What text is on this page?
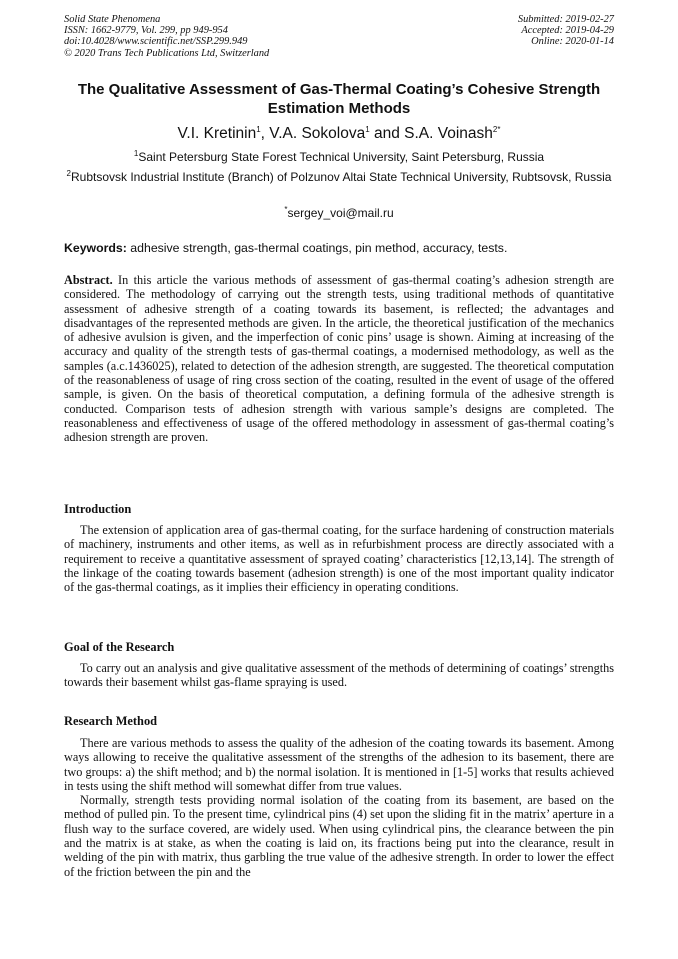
Solid State Phenomena
ISSN: 1662-9779, Vol. 299, pp 949-954
doi:10.4028/www.scientific.net/SSP.299.949
© 2020 Trans Tech Publications Ltd, Switzerland
Submitted: 2019-02-27
Accepted: 2019-04-29
Online: 2020-01-14
The Qualitative Assessment of Gas-Thermal Coating’s Cohesive Strength Estimation Methods
V.I. Kretinin$^1$, V.A. Sokolova$^1$ and S.A. Voinash$^{2*}$
$^1$Saint Petersburg State Forest Technical University, Saint Petersburg, Russia
$^2$Rubtsovsk Industrial Institute (Branch) of Polzunov Altai State Technical University, Rubtsovsk, Russia
*sergey_voi@mail.ru
Keywords: adhesive strength, gas-thermal coatings, pin method, accuracy, tests.
Abstract. In this article the various methods of assessment of gas-thermal coating’s adhesion strength are considered. The methodology of carrying out the strength tests, using traditional methods of quantitative assessment of adhesive strength of a coating towards its basement, is reflected; the advantages and disadvantages of the represented methods are given. In the article, the theoretical justification of the mechanics of adhesive avulsion is given, and the imperfection of conic pins’ usage is shown. Aiming at increasing of the accuracy and quality of the strength tests of gas-thermal coatings, a modernised methodology, as well as the samples (a.c.1436025), related to detection of the adhesion strength, are suggested. The theoretical computation of the reasonableness of usage of ring cross section of the coating, resulted in the event of usage of the offered sample, is given. On the basis of theoretical computation, a defining formula of the adhesive strength is conducted. Comparison tests of adhesion strength with various sample’s designs are completed. The reasonableness and effectiveness of usage of the offered methodology in assessment of gas-thermal coating’s adhesion strength are proven.
Introduction

The extension of application area of gas-thermal coating, for the surface hardening of construction materials of machinery, instruments and other items, as well as in refurbishment process are directly associated with a requirement to receive a quantitative assessment of sprayed coating’ characteristics [12,13,14]. The strength of the linkage of the coating towards basement (adhesion strength) is one of the most important quality indicator of the gas-thermal coatings, as it implies their efficiency in operating conditions.

Goal of the Research

To carry out an analysis and give qualitative assessment of the methods of determining of coatings’ strengths towards their basement whilst gas-flame spraying is used.

Research Method

There are various methods to assess the quality of the adhesion of the coating towards its basement. Among ways allowing to receive the qualitative assessment of the strengths of the adhesion to its basement, there are two groups: a) the shift method; and b) the normal isolation. It is mentioned in [1-5] works that results achieved in tests using the shift method will somewhat differ from true values.

Normally, strength tests providing normal isolation of the coating from its basement, are based on the method of pulled pin. To the present time, cylindrical pins (4) set upon the sliding fit in the matrix’ aperture in a flush way to the surface covered, are widely used. When using cylindrical pins, the clearance between the pin and the matrix is at stake, as when the coating is laid on, its fractions being put into the clearance, result in welding of the pin with matrix, thus garbling the true value of the adhesive strength. In order to lower the effect of the friction between the pin and the
